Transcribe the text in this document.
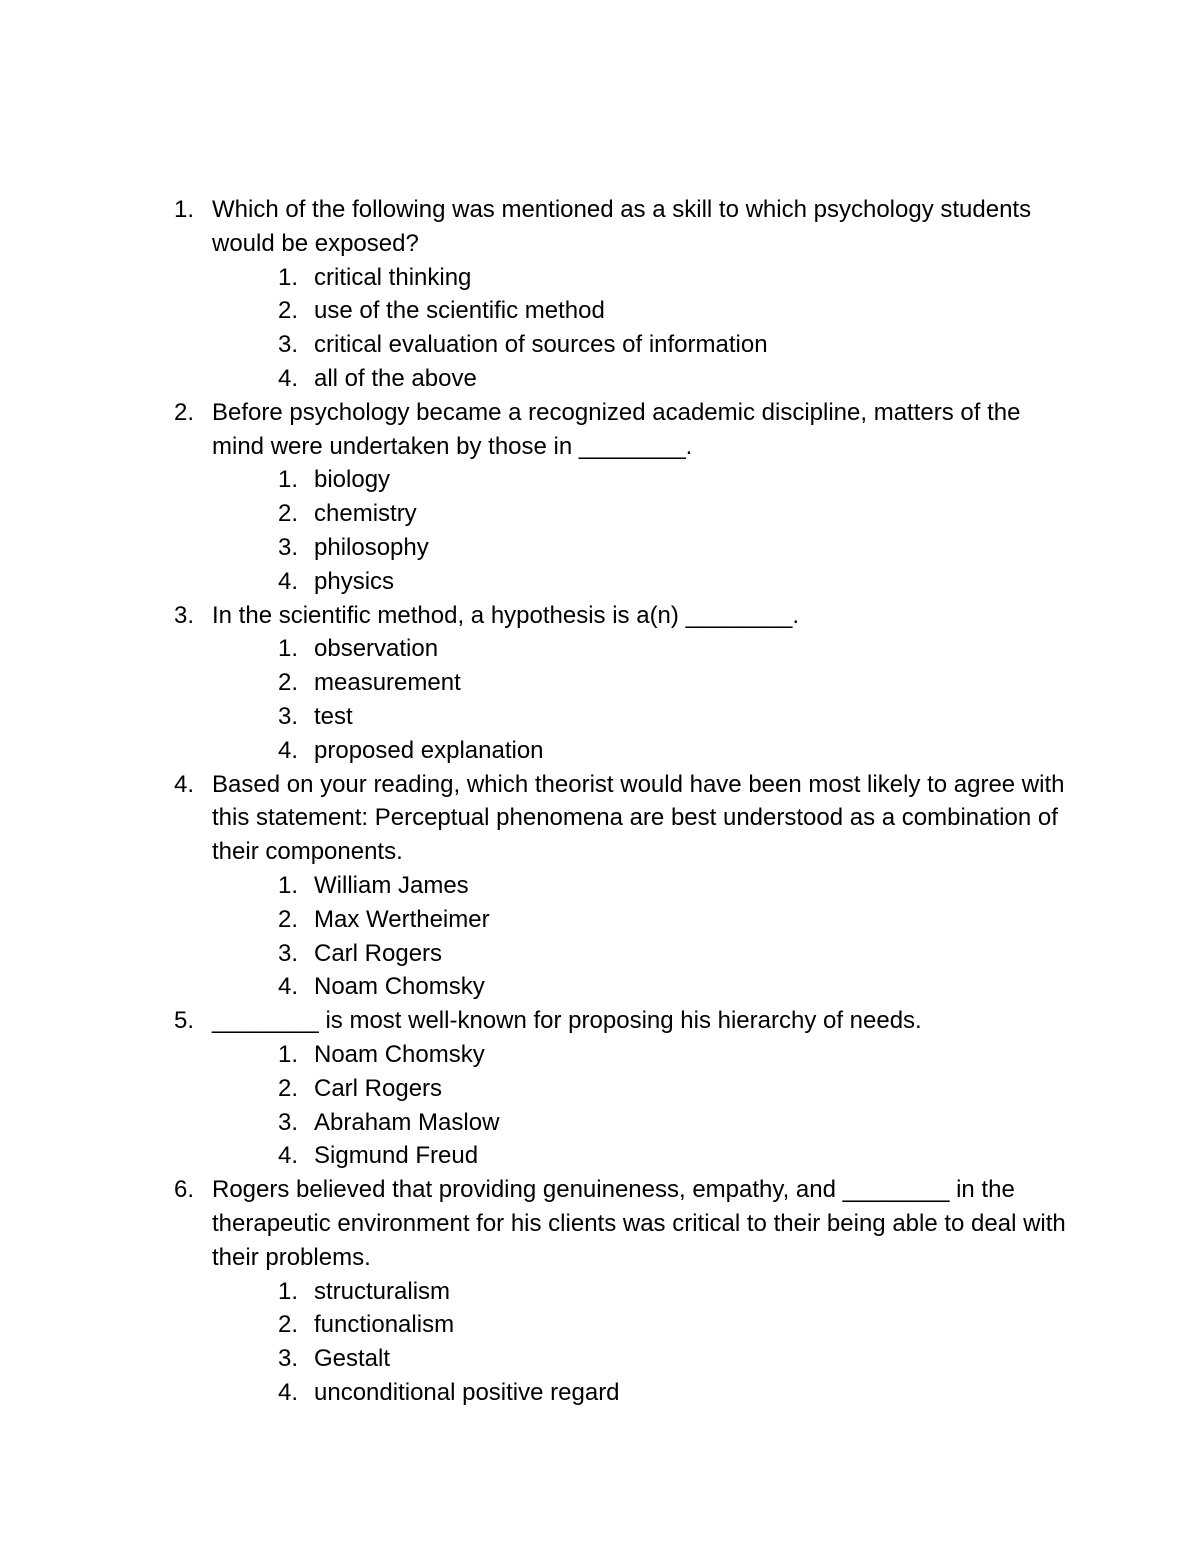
1. Which of the following was mentioned as a skill to which psychology students would be exposed?
1. critical thinking
2. use of the scientific method
3. critical evaluation of sources of information
4. all of the above
2. Before psychology became a recognized academic discipline, matters of the mind were undertaken by those in ________.
1. biology
2. chemistry
3. philosophy
4. physics
3. In the scientific method, a hypothesis is a(n) ________.
1. observation
2. measurement
3. test
4. proposed explanation
4. Based on your reading, which theorist would have been most likely to agree with this statement: Perceptual phenomena are best understood as a combination of their components.
1. William James
2. Max Wertheimer
3. Carl Rogers
4. Noam Chomsky
5. ________ is most well-known for proposing his hierarchy of needs.
1. Noam Chomsky
2. Carl Rogers
3. Abraham Maslow
4. Sigmund Freud
6. Rogers believed that providing genuineness, empathy, and ________ in the therapeutic environment for his clients was critical to their being able to deal with their problems.
1. structuralism
2. functionalism
3. Gestalt
4. unconditional positive regard
